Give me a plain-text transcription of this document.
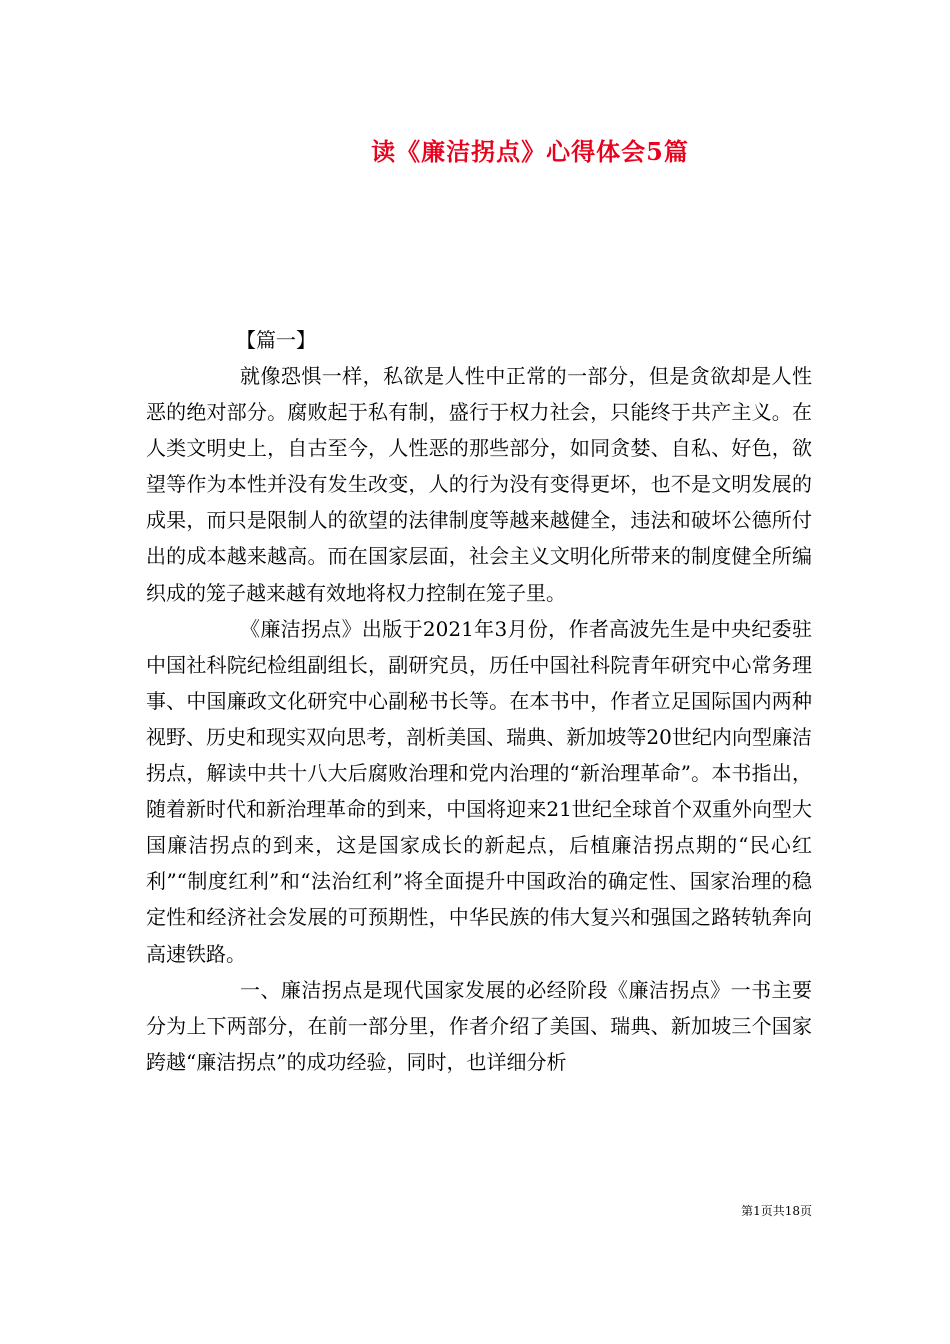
读《廉洁拐点》心得体会5篇
【篇一】

就像恐惧一样，私欲是人性中正常的一部分，但是贪欲却是人性恶的绝对部分。腐败起于私有制，盛行于权力社会，只能终于共产主义。在人类文明史上，自古至今，人性恶的那些部分，如同贪婪、自私、好色，欲望等作为本性并没有发生改变，人的行为没有变得更坏，也不是文明发展的成果，而只是限制人的欲望的法律制度等越来越健全，违法和破坏公德所付出的成本越来越高。而在国家层面，社会主义文明化所带来的制度健全所编织成的笼子越来越有效地将权力控制在笼子里。

《廉洁拐点》出版于2021年3月份，作者高波先生是中央纪委驻中国社科院纪检组副组长，副研究员，历任中国社科院青年研究中心常务理事、中国廉政文化研究中心副秘书长等。在本书中，作者立足国际国内两种视野、历史和现实双向思考，剖析美国、瑞典、新加坡等20世纪内向型廉洁拐点，解读中共十八大后腐败治理和党内治理的“新治理革命”。本书指出，随着新时代和新治理革命的到来，中国将迎来21世纪全球首个双重外向型大国廉洁拐点的到来，这是国家成长的新起点，后植廉洁拐点期的“民心红利”“制度红利”和“法治红利”将全面提升中国政治的确定性、国家治理的稳定性和经济社会发展的可预期性，中华民族的伟大复兴和强国之路转轨奔向高速铁路。

一、廉洁拐点是现代国家发展的必经阶段《廉洁拐点》一书主要分为上下两部分，在前一部分里，作者介绍了美国、瑞典、新加坡三个国家跨越“廉洁拐点”的成功经验，同时，也详细分析

第1页共18页
